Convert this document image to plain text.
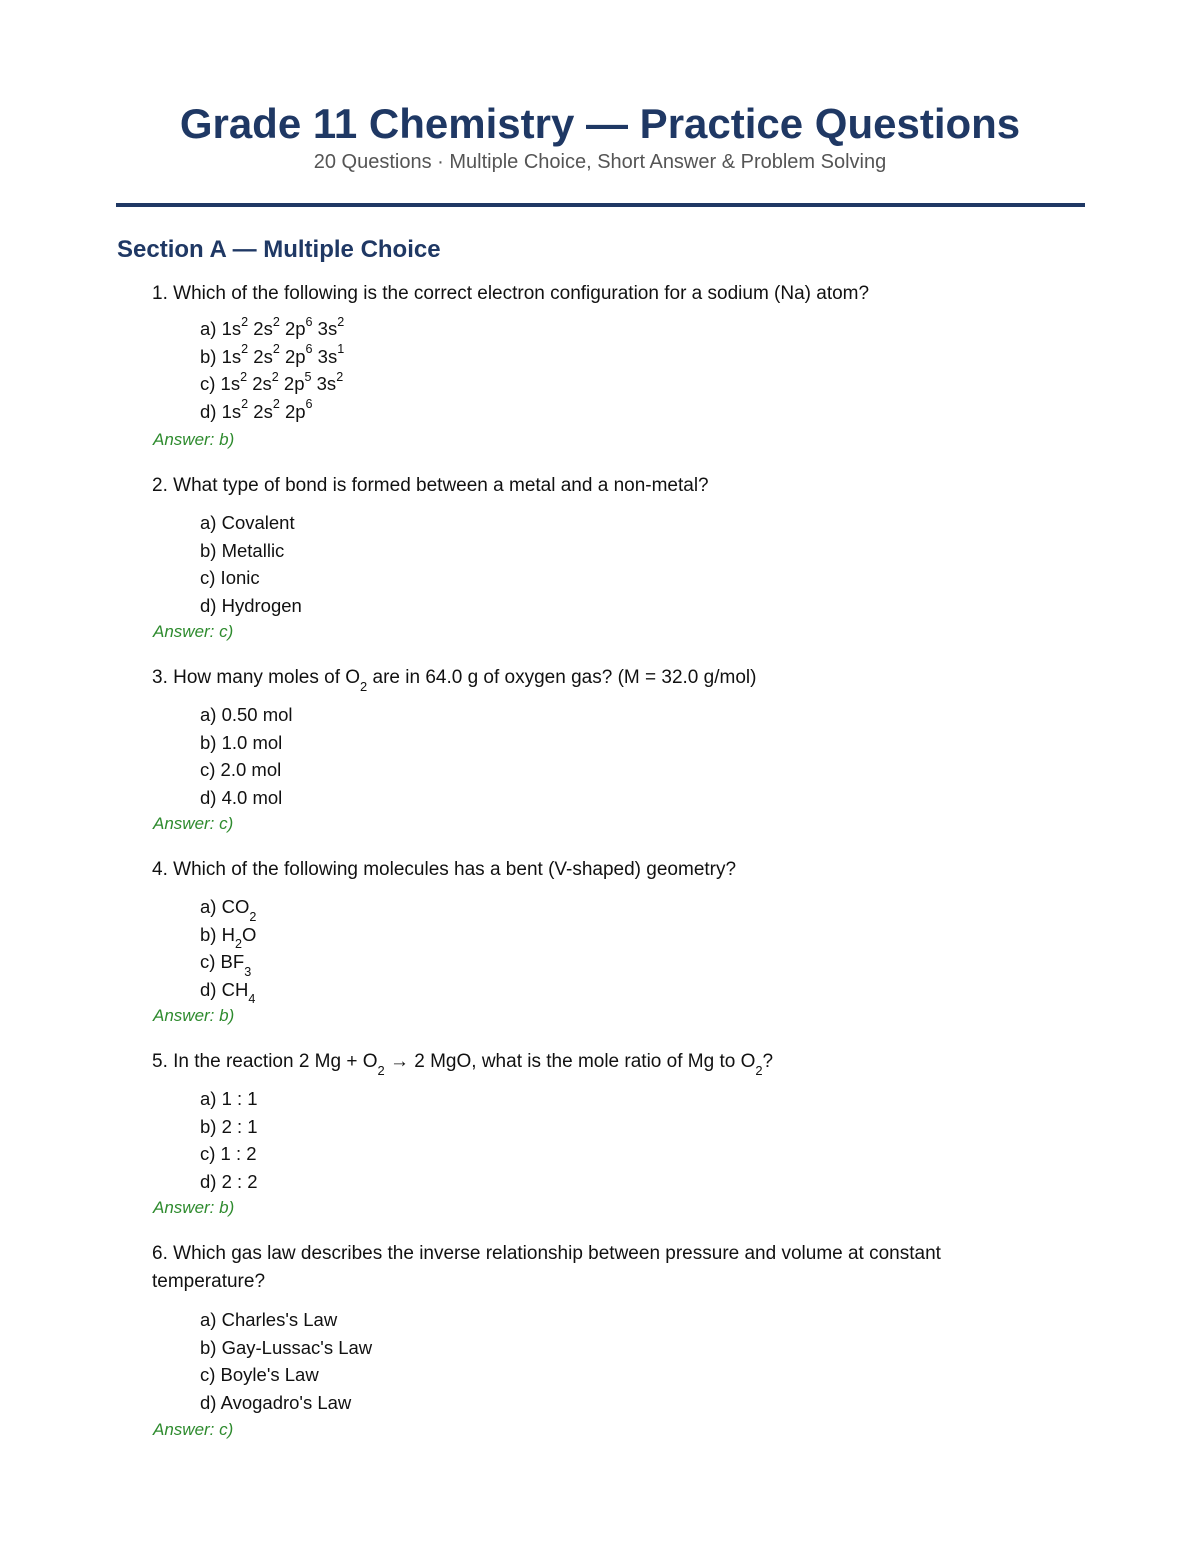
Grade 11 Chemistry — Practice Questions
20 Questions · Multiple Choice, Short Answer & Problem Solving
Section A — Multiple Choice
1. Which of the following is the correct electron configuration for a sodium (Na) atom?
a) $1s^2$ $2s^2$ $2p^6$ $3s^2$
b) $1s^2$ $2s^2$ $2p^6$ $3s^1$
c) $1s^2$ $2s^2$ $2p^5$ $3s^2$
d) $1s^2$ $2s^2$ $2p^6$
Answer: b)
2. What type of bond is formed between a metal and a non-metal?
a) Covalent
b) Metallic
c) Ionic
d) Hydrogen
Answer: c)
3. How many moles of $O_2$ are in 64.0 g of oxygen gas? (M = 32.0 g/mol)
a) 0.50 mol
b) 1.0 mol
c) 2.0 mol
d) 4.0 mol
Answer: c)
4. Which of the following molecules has a bent (V-shaped) geometry?
a) $CO_2$
b) $H_2O$
c) $BF_3$
d) $CH_4$
Answer: b)
5. In the reaction 2 $Mg + O_2 \to 2$ MgO, what is the mole ratio of Mg to $O_2$?
a) 1 : 1
b) 2 : 1
c) 1 : 2
d) 2 : 2
Answer: b)
6. Which gas law describes the inverse relationship between pressure and volume at constant temperature?
a) Charles's Law
b) Gay-Lussac's Law
c) Boyle's Law
d) Avogadro's Law
Answer: c)
